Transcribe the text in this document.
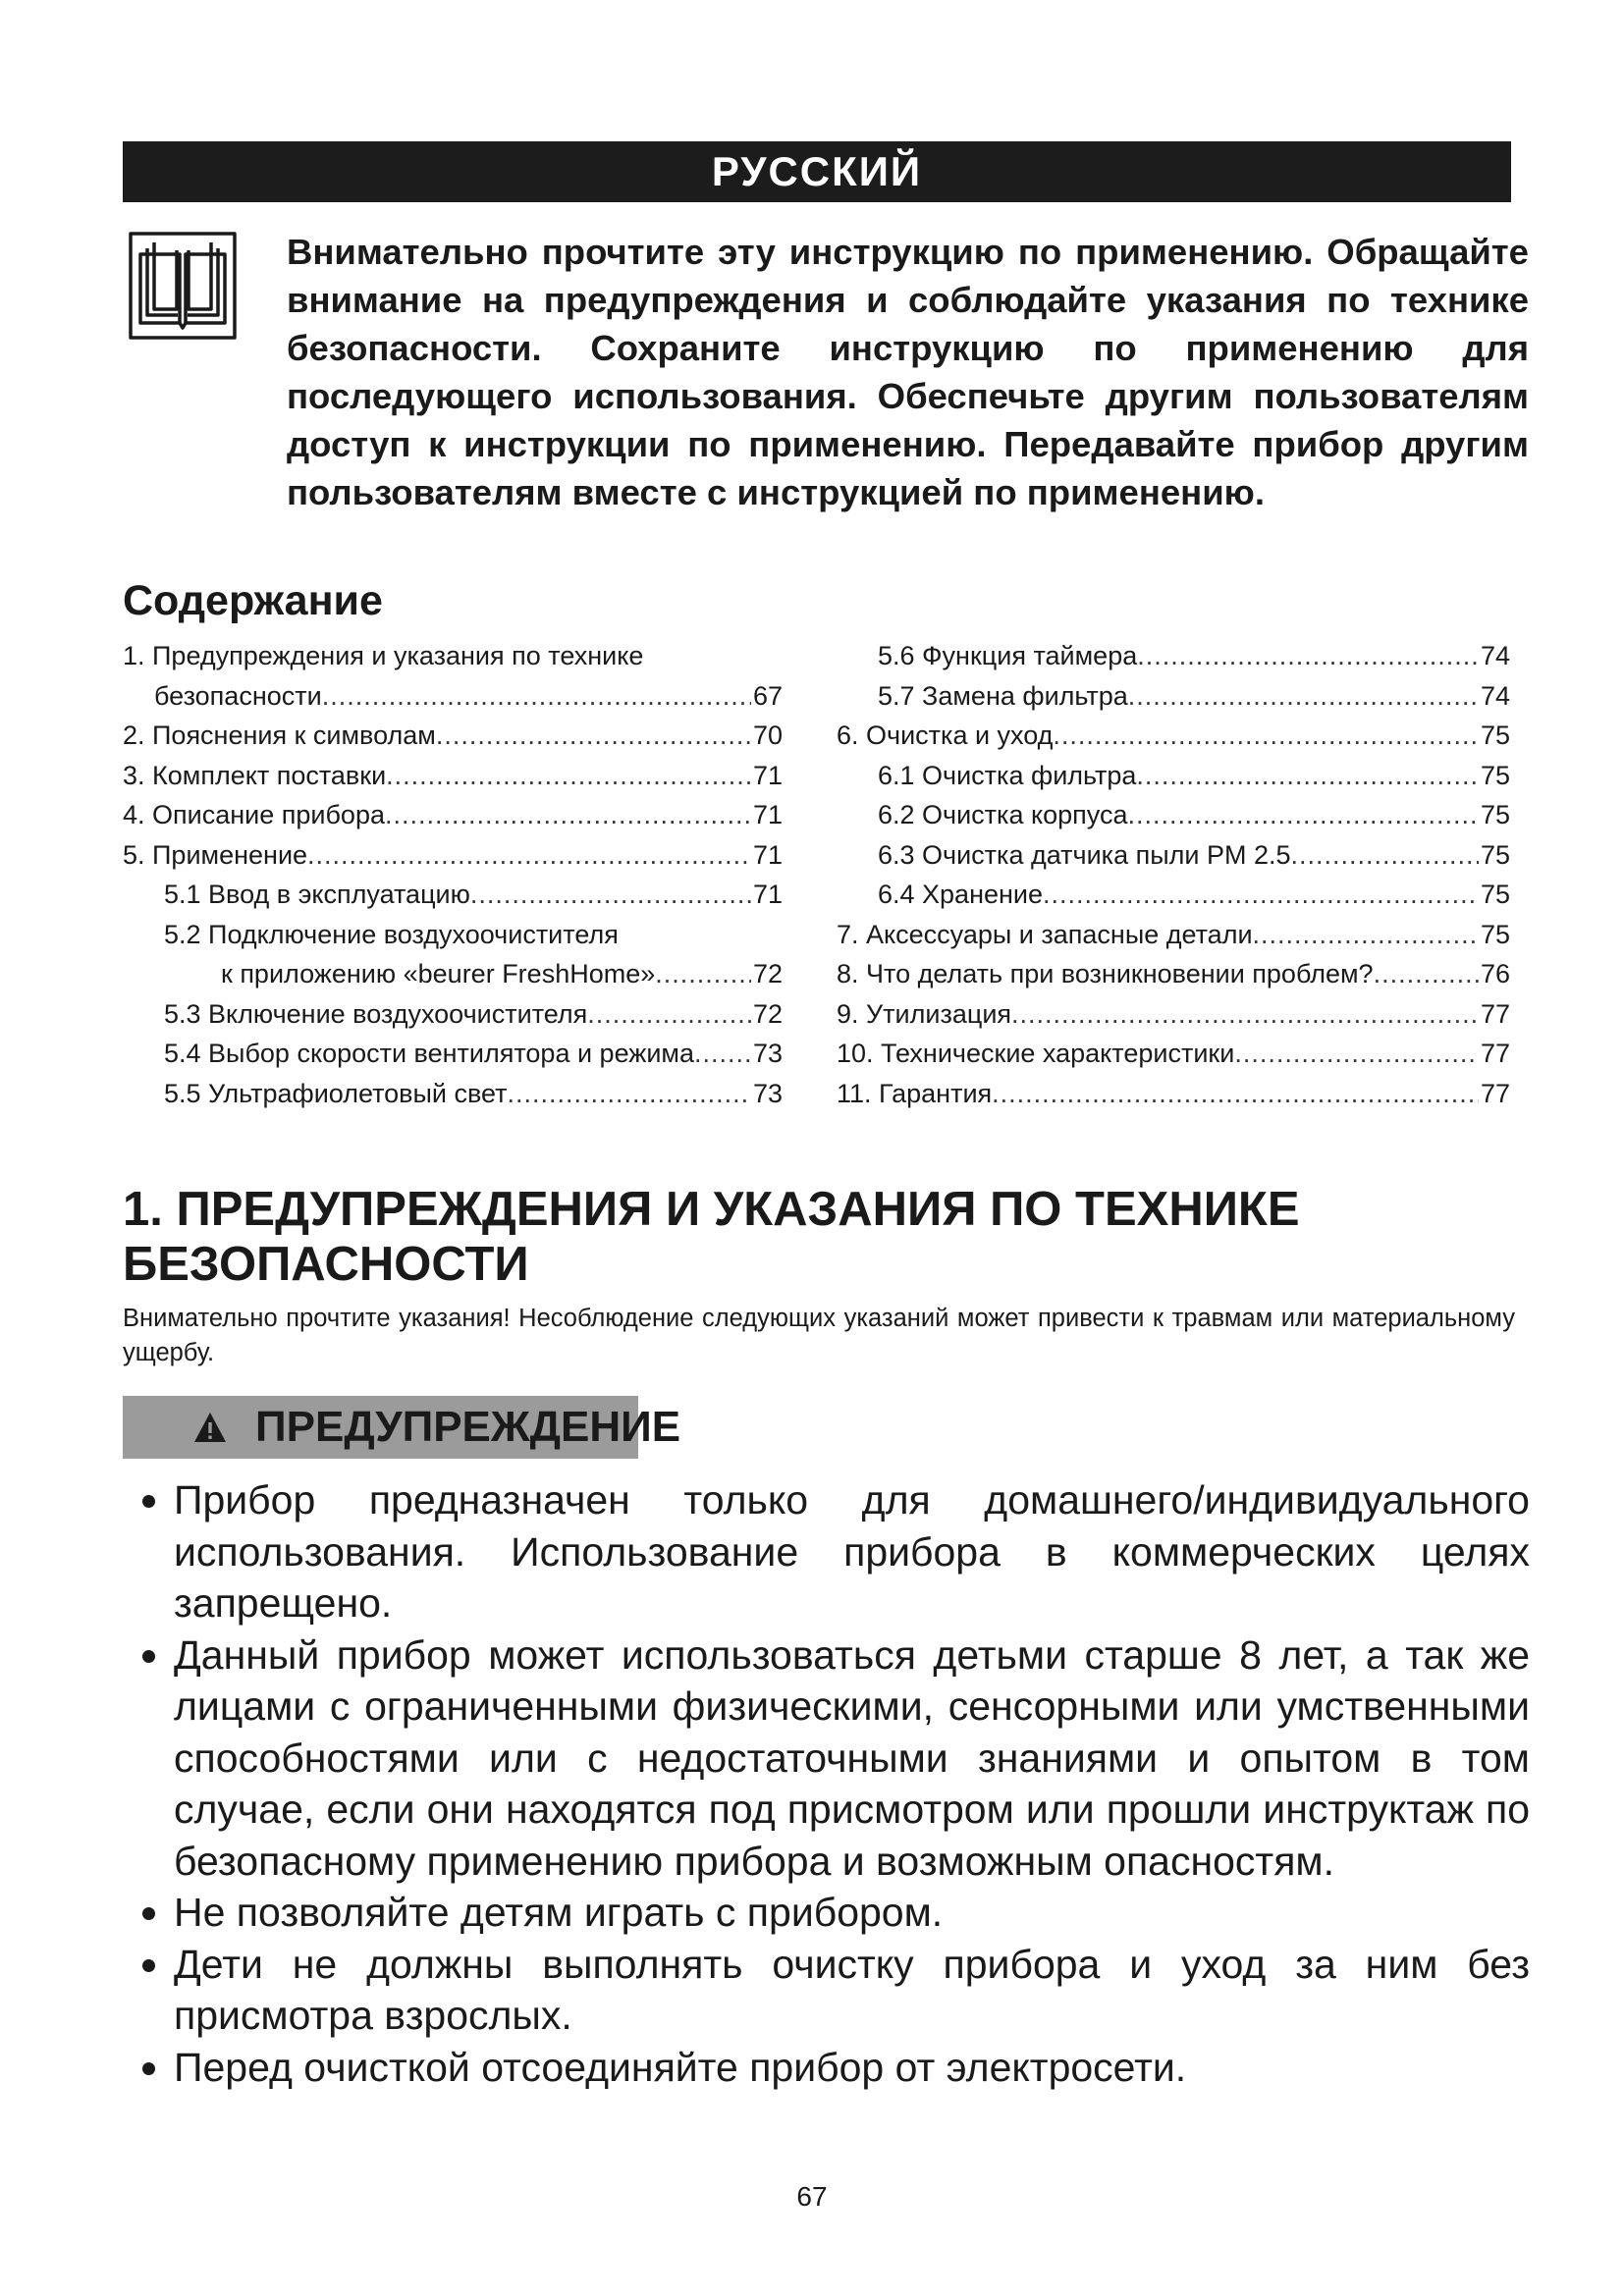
РУССКИЙ

Внимательно прочтите эту инструкцию по применению. Обращайте внимание на предупреждения и соблюдайте указания по технике безопасности. Сохраните инструкцию по применению для последующего использования. Обеспечьте другим пользователям доступ к инструкции по применению. Передавайте прибор другим пользователям вместе с инструкцией по применению.

Содержание
1. Предупреждения и указания по технике
безопасности .....	67
2. Пояснения к символам .....	70
3. Комплект поставки .....	71
4. Описание прибора .....	71
5. Применение .....	71
5.1 Ввод в эксплуатацию .....	71
5.2 Подключение воздухоочистителя
к приложению «beurer FreshHome» .....	72
5.3 Включение воздухоочистителя .....	72
5.4 Выбор скорости вентилятора и режима ..... 73
5.5 Ультрафиолетовый свет .....	73
5.6 Функция таймера .....	74
5.7 Замена фильтра .....	74
6. Очистка и уход .....	75
6.1 Очистка фильтра .....	75
6.2 Очистка корпуса .....	75
6.3 Очистка датчика пыли PM 2.5 .....	75
6.4 Хранение .....	75
7. Аксессуары и запасные детали .....	75
8. Что делать при возникновении проблем? .....	76
9. Утилизация .....	77
10. Технические характеристики .....	77
11. Гарантия .....	77
1. ПРЕДУПРЕЖДЕНИЯ И УКАЗАНИЯ ПО ТЕХНИКЕ
БЕЗОПАСНОСТИ

Внимательно прочтите указания! Несоблюдение следующих указаний может привести к травмам или материальному ущербу.

ПРЕДУПРЕЖДЕНИЕ
Прибор предназначен только для домашнего/индивидуального использования. Использование прибора в коммерческих целях запрещено.
Данный прибор может использоваться детьми старше 8 лет, а так же лицами с ограниченными физическими, сенсорными или умственными способностями или с недостаточными знаниями и опытом в том случае, если они находятся под присмотром или прошли инструктаж по безопасному применению прибора и возможным опасностям.
Не позволяйте детям играть с прибором.
Дети не должны выполнять очистку прибора и уход за ним без присмотра взрослых.
Перед очисткой отсоединяйте прибор от электросети.
67
